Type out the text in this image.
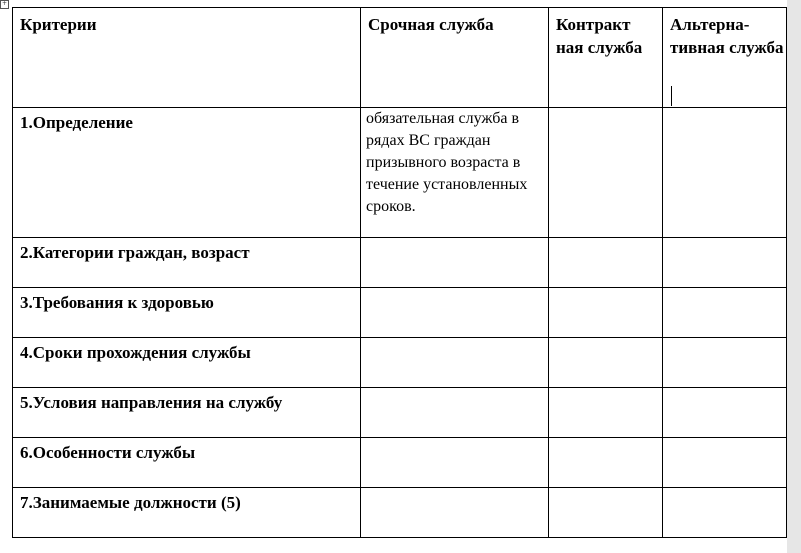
+
Критерии	Срочная служба	Контракт ная служба	Альтерна-тивная служба

1.Определение	обязательная служба в рядах ВС граждан призывного возраста в течение установленных сроков.		

2.Категории граждан, возраст			

3.Требования к здоровью			

4.Сроки прохождения службы			

5.Условия направления на службу			

6.Особенности службы			

7.Занимаемые должности (5)			
